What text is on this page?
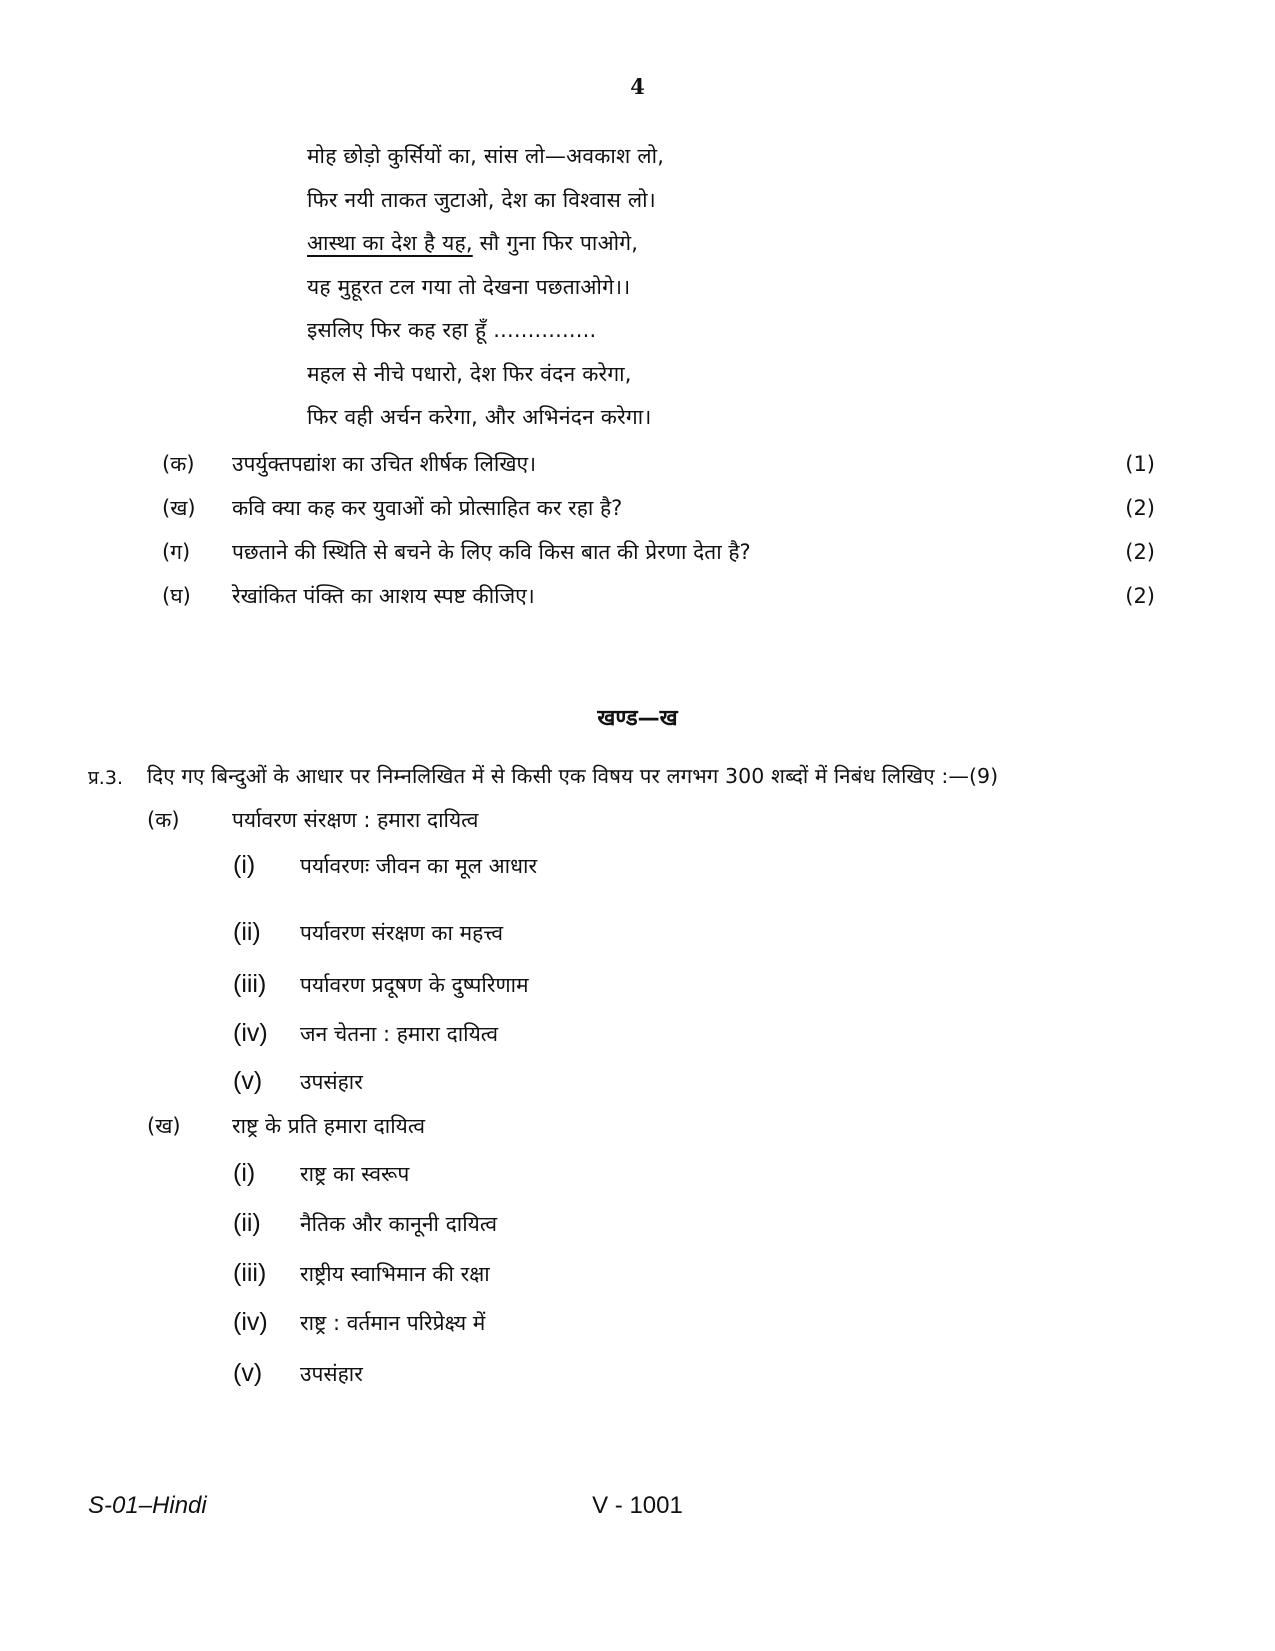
4
मोह छोड़ो कुर्सियों का, सांस लो—अवकाश लो,
फिर नयी ताकत जुटाओ, देश का विश्वास लो।
आस्था का देश है यह, सौ गुना फिर पाओगे,
यह मुहूरत टल गया तो देखना पछताओगे।।
इसलिए फिर कह रहा हूँ ...............
महल से नीचे पधारो, देश फिर वंदन करेगा,
फिर वही अर्चन करेगा, और अभिनंदन करेगा।
(क) उपर्युक्तपद्यांश का उचित शीर्षक लिखिए।	(1)
(ख) कवि क्या कह कर युवाओं को प्रोत्साहित कर रहा है?	(2)
(ग) पछताने की स्थिति से बचने के लिए कवि किस बात की प्रेरणा देता है?	(2)
(घ) रेखांकित पंक्ति का आशय स्पष्ट कीजिए।	(2)
खण्ड—ख
प्र.3. दिए गए बिन्दुओं के आधार पर निम्नलिखित में से किसी एक विषय पर लगभग 300 शब्दों में निबंध लिखिए :—(9)
(क) पर्यावरण संरक्षण : हमारा दायित्व
(i) पर्यावरणः जीवन का मूल आधार
(ii) पर्यावरण संरक्षण का महत्त्व
(iii) पर्यावरण प्रदूषण के दुष्परिणाम
(iv) जन चेतना : हमारा दायित्व
(v) उपसंहार
(ख) राष्ट्र के प्रति हमारा दायित्व
(i) राष्ट्र का स्वरूप
(ii) नैतिक और कानूनी दायित्व
(iii) राष्ट्रीय स्वाभिमान की रक्षा
(iv) राष्ट्र : वर्तमान परिप्रेक्ष्य में
(v) उपसंहार
S-01–Hindi	V - 1001
